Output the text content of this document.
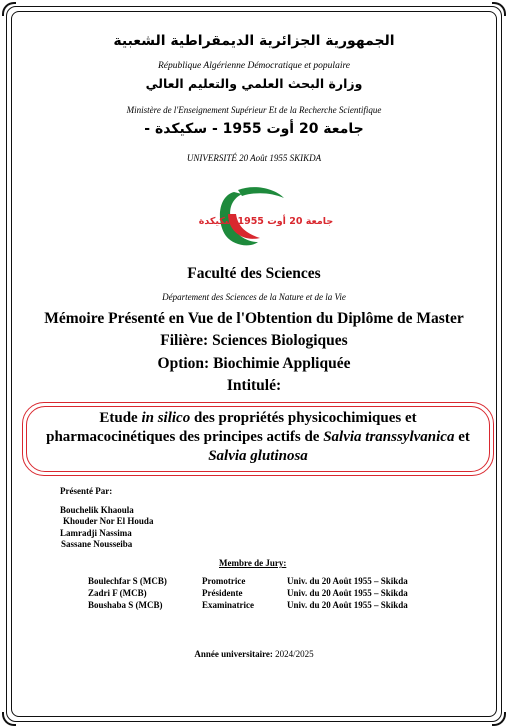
الجمهورية الجزائرية الديمقراطية الشعبية
République Algérienne Démocratique et populaire
وزارة البحث العلمي والتعليم العالي
Ministère de l'Enseignement Supérieur Et de la Recherche Scientifique
جامعة 20 أوت 1955 - سكيكدة -
UNIVERSITÉ 20 Août 1955 SKIKDA
جامعة 20 أوت 1955 سكيكدة
Faculté des Sciences
Département des Sciences de la Nature et de la Vie
Mémoire Présenté en Vue de l'Obtention du Diplôme de Master
Filière: Sciences Biologiques
Option: Biochimie Appliquée
Intitulé:
Etude in silico des propriétés physicochimiques et
pharmacocinétiques des principes actifs de Salvia transsylvanica et
Salvia glutinosa
Présenté Par:
Bouchelik Khaoula
Khouder Nor El Houda
Lamradji Nassima
Sassane Nousseiba
Membre de Jury:
Boulechfar S (MCB)	Promotrice	Univ. du 20 Août 1955 – Skikda
Zadri F (MCB)	Présidente	Univ. du 20 Août 1955 – Skikda
Boushaba S (MCB)	Examinatrice	Univ. du 20 Août 1955 – Skikda
Année universitaire: 2024/2025
